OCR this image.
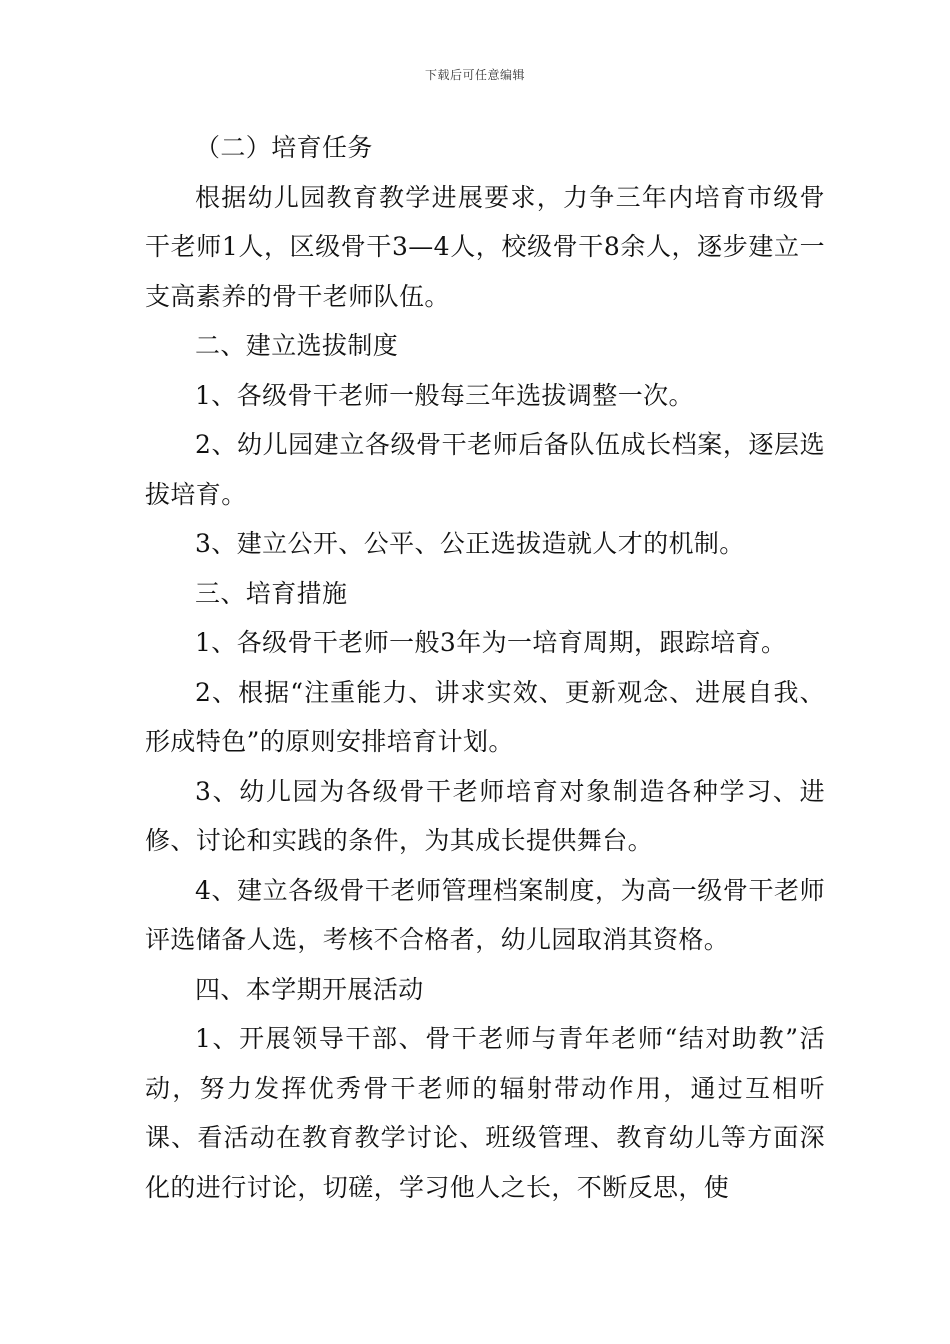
下载后可任意编辑

（二）培育任务

根据幼儿园教育教学进展要求，力争三年内培育市级骨干老师1人，区级骨干3—4人，校级骨干8余人，逐步建立一支高素养的骨干老师队伍。

二、建立选拔制度

1、各级骨干老师一般每三年选拔调整一次。

2、幼儿园建立各级骨干老师后备队伍成长档案，逐层选拔培育。

3、建立公开、公平、公正选拔造就人才的机制。

三、培育措施

1、各级骨干老师一般3年为一培育周期，跟踪培育。

2、根据“注重能力、讲求实效、更新观念、进展自我、形成特色”的原则安排培育计划。

3、幼儿园为各级骨干老师培育对象制造各种学习、进修、讨论和实践的条件，为其成长提供舞台。

4、建立各级骨干老师管理档案制度，为高一级骨干老师评选储备人选，考核不合格者，幼儿园取消其资格。

四、本学期开展活动

1、开展领导干部、骨干老师与青年老师“结对助教”活动，努力发挥优秀骨干老师的辐射带动作用，通过互相听课、看活动在教育教学讨论、班级管理、教育幼儿等方面深化的进行讨论，切磋，学习他人之长，不断反思，使
